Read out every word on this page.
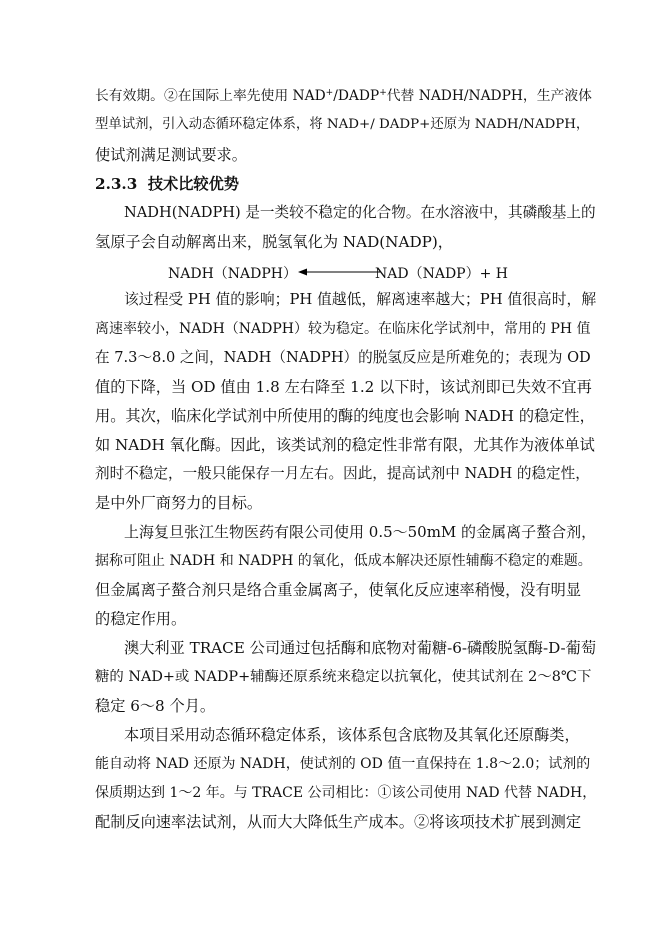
长有效期。②在国际上率先使用 NAD+/DADP+代替 NADH/NADPH，生产液体
型单试剂，引入动态循环稳定体系，将 NAD+/ DADP+还原为 NADH/NADPH，
使试剂满足测试要求。
2.3.3 技术比较优势
NADH(NADPH) 是一类较不稳定的化合物。在水溶液中，其磷酸基上的
氢原子会自动解离出来，脱氢氧化为 NAD(NADP)，
NADH（NADPH）	NAD（NADP）+ H
该过程受 PH 值的影响；PH 值越低，解离速率越大；PH 值很高时，解
离速率较小，NADH（NADPH）较为稳定。在临床化学试剂中，常用的 PH 值
在 7.3～8.0 之间，NADH（NADPH）的脱氢反应是所难免的；表现为 OD
值的下降，当 OD 值由 1.8 左右降至 1.2 以下时，该试剂即已失效不宜再
用。其次，临床化学试剂中所使用的酶的纯度也会影响 NADH 的稳定性，
如 NADH 氧化酶。因此，该类试剂的稳定性非常有限，尤其作为液体单试
剂时不稳定，一般只能保存一月左右。因此，提高试剂中 NADH 的稳定性，
是中外厂商努力的目标。
上海复旦张江生物医药有限公司使用 0.5～50mM 的金属离子螯合剂，
据称可阻止 NADH 和 NADPH 的氧化，低成本解决还原性辅酶不稳定的难题。
但金属离子螯合剂只是络合重金属离子，使氧化反应速率稍慢，没有明显
的稳定作用。
澳大利亚 TRACE 公司通过包括酶和底物对葡糖-6-磷酸脱氢酶-D-葡萄
糖的 NAD+或 NADP+辅酶还原系统来稳定以抗氧化，使其试剂在 2～8℃下
稳定 6～8 个月。
本项目采用动态循环稳定体系，该体系包含底物及其氧化还原酶类，
能自动将 NAD 还原为 NADH，使试剂的 OD 值一直保持在 1.8～2.0；试剂的
保质期达到 1～2 年。与 TRACE 公司相比：①该公司使用 NAD 代替 NADH，
配制反向速率法试剂，从而大大降低生产成本。②将该项技术扩展到测定
